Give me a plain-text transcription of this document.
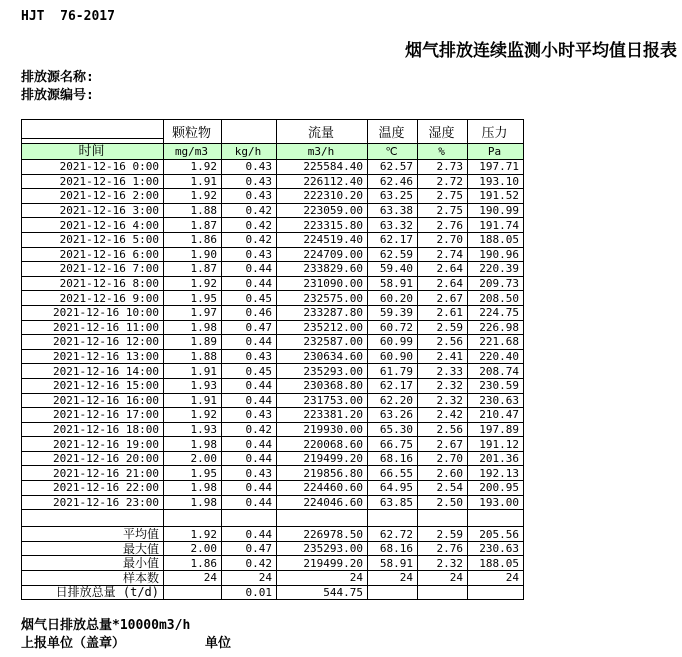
HJT  76-2017
烟气排放连续监测小时平均值日报表
排放源名称:
排放源编号:
	颗粒物		流量	温度	湿度	压力

时间	mg/m3	kg/h	m3/h	℃	%	Pa
2021-12-16 0:00	1.92	0.43	225584.40	62.57	2.73	197.71
2021-12-16 1:00	1.91	0.43	226112.40	62.46	2.72	193.10
2021-12-16 2:00	1.92	0.43	222310.20	63.25	2.75	191.52
2021-12-16 3:00	1.88	0.42	223059.00	63.38	2.75	190.99
2021-12-16 4:00	1.87	0.42	223315.80	63.32	2.76	191.74
2021-12-16 5:00	1.86	0.42	224519.40	62.17	2.70	188.05
2021-12-16 6:00	1.90	0.43	224709.00	62.59	2.74	190.96
2021-12-16 7:00	1.87	0.44	233829.60	59.40	2.64	220.39
2021-12-16 8:00	1.92	0.44	231090.00	58.91	2.64	209.73
2021-12-16 9:00	1.95	0.45	232575.00	60.20	2.67	208.50
2021-12-16 10:00	1.97	0.46	233287.80	59.39	2.61	224.75
2021-12-16 11:00	1.98	0.47	235212.00	60.72	2.59	226.98
2021-12-16 12:00	1.89	0.44	232587.00	60.99	2.56	221.68
2021-12-16 13:00	1.88	0.43	230634.60	60.90	2.41	220.40
2021-12-16 14:00	1.91	0.45	235293.00	61.79	2.33	208.74
2021-12-16 15:00	1.93	0.44	230368.80	62.17	2.32	230.59
2021-12-16 16:00	1.91	0.44	231753.00	62.20	2.32	230.63
2021-12-16 17:00	1.92	0.43	223381.20	63.26	2.42	210.47
2021-12-16 18:00	1.93	0.42	219930.00	65.30	2.56	197.89
2021-12-16 19:00	1.98	0.44	220068.60	66.75	2.67	191.12
2021-12-16 20:00	2.00	0.44	219499.20	68.16	2.70	201.36
2021-12-16 21:00	1.95	0.43	219856.80	66.55	2.60	192.13
2021-12-16 22:00	1.98	0.44	224460.60	64.95	2.54	200.95
2021-12-16 23:00	1.98	0.44	224046.60	63.85	2.50	193.00

平均值	1.92	0.44	226978.50	62.72	2.59	205.56
最大值	2.00	0.47	235293.00	68.16	2.76	230.63
最小值	1.86	0.42	219499.20	58.91	2.32	188.05
样本数	24	24	24	24	24	24
日排放总量 (t/d)		0.01	544.75			
烟气日排放总量*10000m3/h
上报单位（盖章）	单位
